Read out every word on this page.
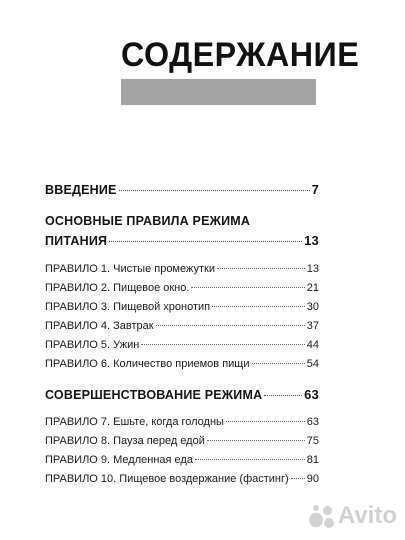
СОДЕРЖАНИЕ
ВВЕДЕНИЕ	7
ОСНОВНЫЕ ПРАВИЛА РЕЖИМА
ПИТАНИЯ	13
ПРАВИЛО 1. Чистые промежутки	13
ПРАВИЛО 2. Пищевое окно.	21
ПРАВИЛО 3. Пищевой хронотип	30
ПРАВИЛО 4. Завтрак	37
ПРАВИЛО 5. Ужин	44
ПРАВИЛО 6. Количество приемов пищи	54
СОВЕРШЕНСТВОВАНИЕ РЕЖИМА	63
ПРАВИЛО 7. Ешьте, когда голодны	63
ПРАВИЛО 8. Пауза перед едой	75
ПРАВИЛО 9. Медленная еда	81
ПРАВИЛО 10. Пищевое воздержание (фастинг) 90
Avito
